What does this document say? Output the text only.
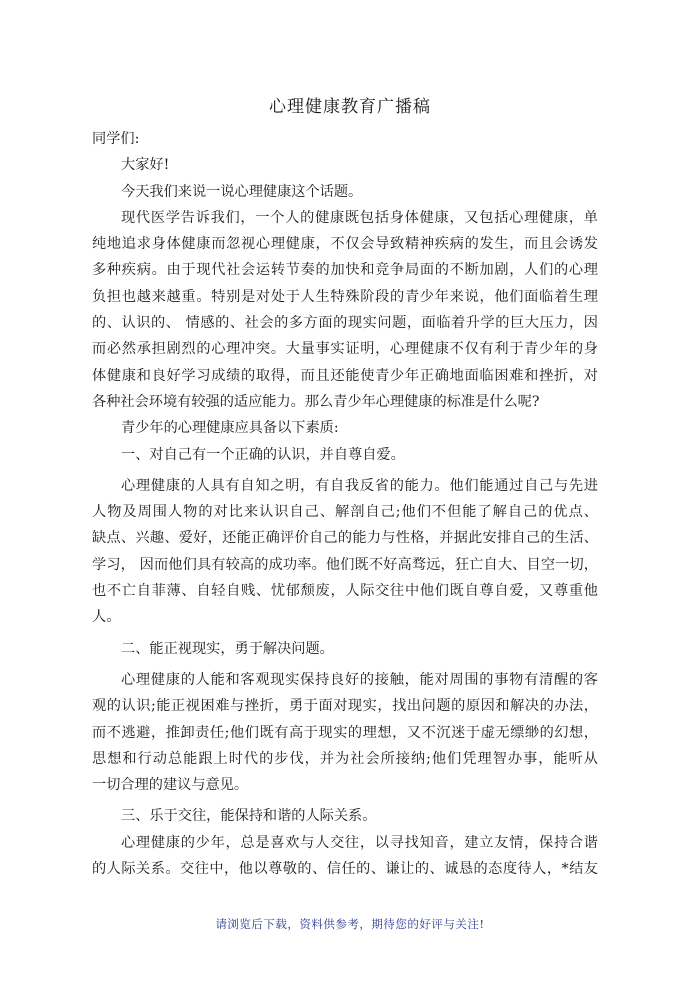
心理健康教育广播稿
同学们:
大家好!
今天我们来说一说心理健康这个话题。
现代医学告诉我们，一个人的健康既包括身体健康，又包括心理健康，单
纯地追求身体健康而忽视心理健康，不仅会导致精神疾病的发生，而且会诱发
多种疾病。由于现代社会运转节奏的加快和竞争局面的不断加剧，人们的心理
负担也越来越重。特别是对处于人生特殊阶段的青少年来说，他们面临着生理
的、认识的、 情感的、社会的多方面的现实问题，面临着升学的巨大压力，因
而必然承担剧烈的心理冲突。大量事实证明，心理健康不仅有利于青少年的身
体健康和良好学习成绩的取得，而且还能使青少年正确地面临困难和挫折，对
各种社会环境有较强的适应能力。那么青少年心理健康的标准是什么呢?
青少年的心理健康应具备以下素质:
一、对自己有一个正确的认识，并自尊自爱。
心理健康的人具有自知之明，有自我反省的能力。他们能通过自己与先进
人物及周围人物的对比来认识自己、解剖自己;他们不但能了解自己的优点、
缺点、兴趣、爱好，还能正确评价自己的能力与性格，并据此安排自己的生活、
学习， 因而他们具有较高的成功率。他们既不好高骛远，狂亡自大、目空一切，
也不亡自菲薄、自轻自贱、忧郁颓废，人际交往中他们既自尊自爱，又尊重他
人。
二、能正视现实，勇于解决问题。
心理健康的人能和客观现实保持良好的接触，能对周围的事物有清醒的客
观的认识;能正视困难与挫折，勇于面对现实，找出问题的原因和解决的办法，
而不逃避，推卸责任;他们既有高于现实的理想，又不沉迷于虚无缥缈的幻想，
思想和行动总能跟上时代的步伐，并为社会所接纳;他们凭理智办事，能听从
一切合理的建议与意见。
三、乐于交往，能保持和谐的人际关系。
心理健康的少年，总是喜欢与人交往，以寻找知音，建立友情，保持合谐
的人际关系。交往中，他以尊敬的、信任的、谦让的、诚恳的态度待人，*结友
请浏览后下载，资料供参考，期待您的好评与关注!
